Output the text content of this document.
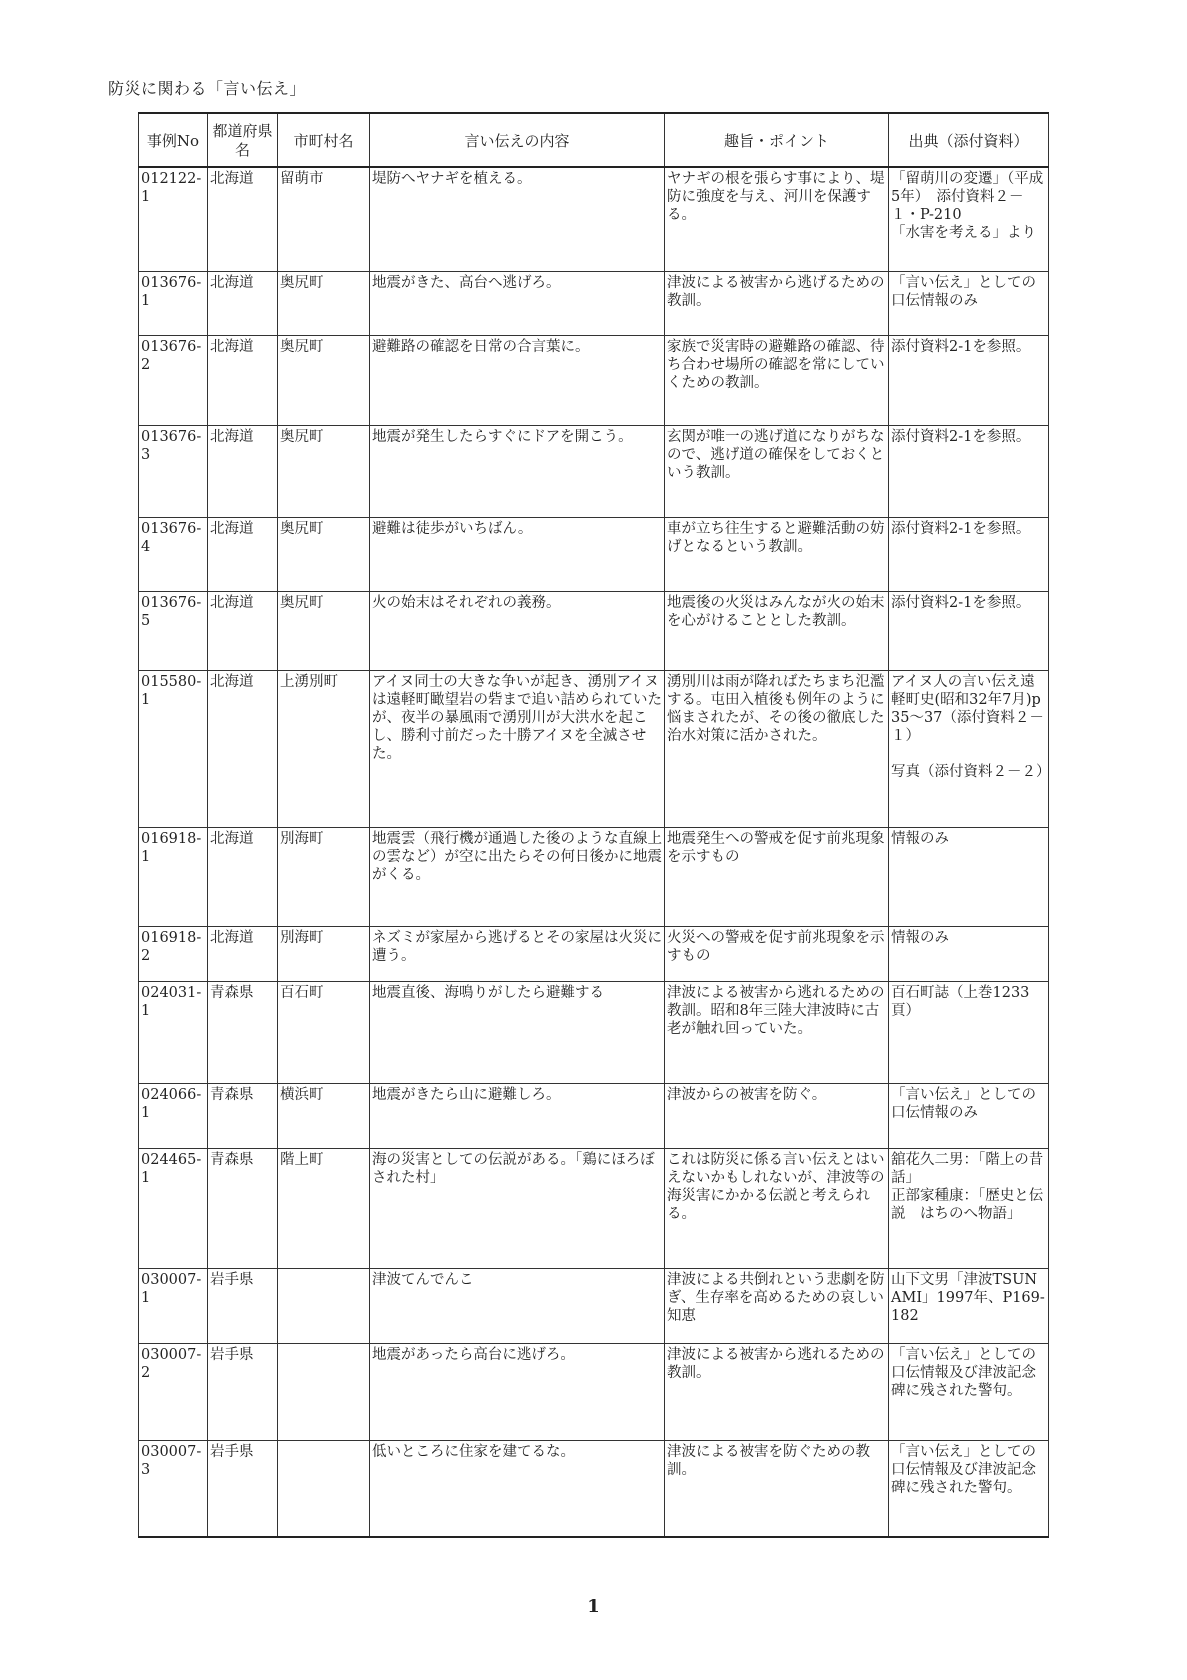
防災に関わる「言い伝え」
事例No	都道府県名	市町村名	言い伝えの内容	趣旨・ポイント	出典（添付資料）
012122-1	北海道	留萌市	堤防へヤナギを植える。	ヤナギの根を張らす事により、堤防に強度を与え、河川を保護する。	「留萌川の変遷」（平成5年）　添付資料２－１・P-210
「水害を考える」より
013676-1	北海道	奥尻町	地震がきた、高台へ逃げろ。	津波による被害から逃げるための教訓。	「言い伝え」としての口伝情報のみ
013676-2	北海道	奥尻町	避難路の確認を日常の合言葉に。	家族で災害時の避難路の確認、待ち合わせ場所の確認を常にしていくための教訓。	添付資料2-1を参照。
013676-3	北海道	奥尻町	地震が発生したらすぐにドアを開こう。	玄関が唯一の逃げ道になりがちなので、逃げ道の確保をしておくという教訓。	添付資料2-1を参照。
013676-4	北海道	奥尻町	避難は徒歩がいちばん。	車が立ち往生すると避難活動の妨げとなるという教訓。	添付資料2-1を参照。
013676-5	北海道	奥尻町	火の始末はそれぞれの義務。	地震後の火災はみんなが火の始末を心がけることとした教訓。	添付資料2-1を参照。
015580-1	北海道	上湧別町	アイヌ同士の大きな争いが起き、湧別アイヌは遠軽町瞰望岩の砦まで追い詰められていたが、夜半の暴風雨で湧別川が大洪水を起こし、勝利寸前だった十勝アイヌを全滅させた。	湧別川は雨が降ればたちまち氾濫する。屯田入植後も例年のように悩まされたが、その後の徹底した治水対策に活かされた。	アイヌ人の言い伝え遠軽町史(昭和32年7月)p35～37（添付資料２－１）

写真（添付資料２－２）
016918-1	北海道	別海町	地震雲（飛行機が通過した後のような直線上の雲など）が空に出たらその何日後かに地震がくる。	地震発生への警戒を促す前兆現象を示すもの	情報のみ
016918-2	北海道	別海町	ネズミが家屋から逃げるとその家屋は火災に遭う。	火災への警戒を促す前兆現象を示すもの	情報のみ
024031-1	青森県	百石町	地震直後、海鳴りがしたら避難する	津波による被害から逃れるための教訓。昭和8年三陸大津波時に古老が触れ回っていた。	百石町誌（上巻1233頁）
024066-1	青森県	横浜町	地震がきたら山に避難しろ。	津波からの被害を防ぐ。	「言い伝え」としての口伝情報のみ
024465-1	青森県	階上町	海の災害としての伝説がある。「鶏にほろぼされた村」	これは防災に係る言い伝えとはいえないかもしれないが、津波等の海災害にかかる伝説と考えられる。	舘花久二男：「階上の昔話」
正部家種康：「歴史と伝説　はちのへ物語」
030007-1	岩手県		津波てんでんこ	津波による共倒れという悲劇を防ぎ、生存率を高めるための哀しい知恵	山下文男「津波TSUNAMI」1997年、P169-182
030007-2	岩手県		地震があったら高台に逃げろ。	津波による被害から逃れるための教訓。	「言い伝え」としての口伝情報及び津波記念碑に残された警句。
030007-3	岩手県		低いところに住家を建てるな。	津波による被害を防ぐための教訓。	「言い伝え」としての口伝情報及び津波記念碑に残された警句。
1
